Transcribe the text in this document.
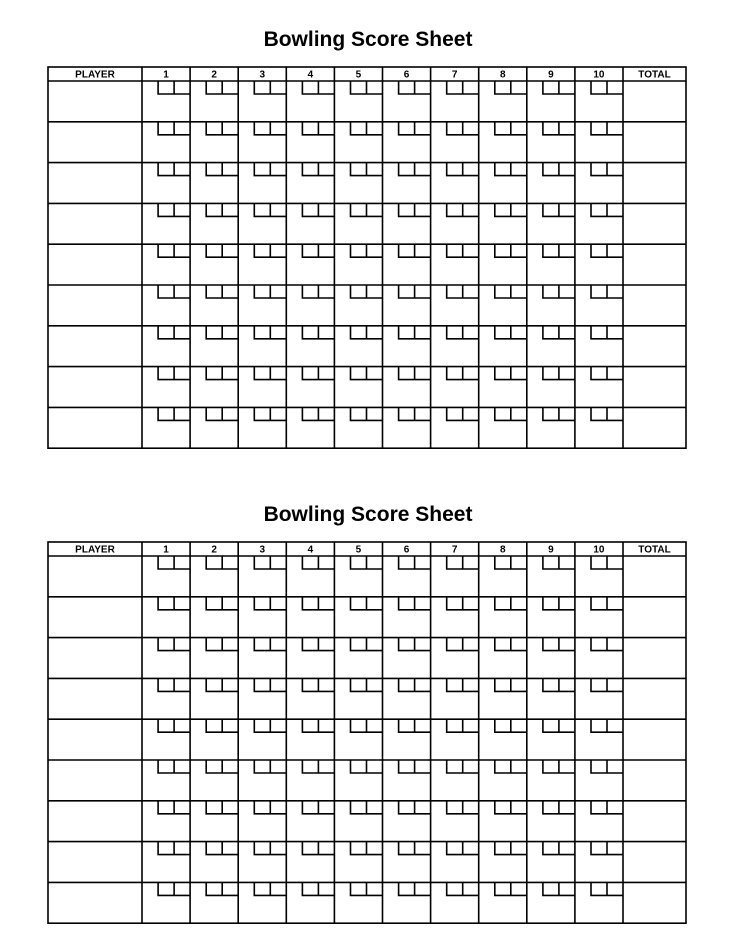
Bowling Score Sheet
PLAYER	1	2	3	4	5	6	7	8	9	10	TOTAL
Bowling Score Sheet
PLAYER	1	2	3	4	5	6	7	8	9	10	TOTAL
